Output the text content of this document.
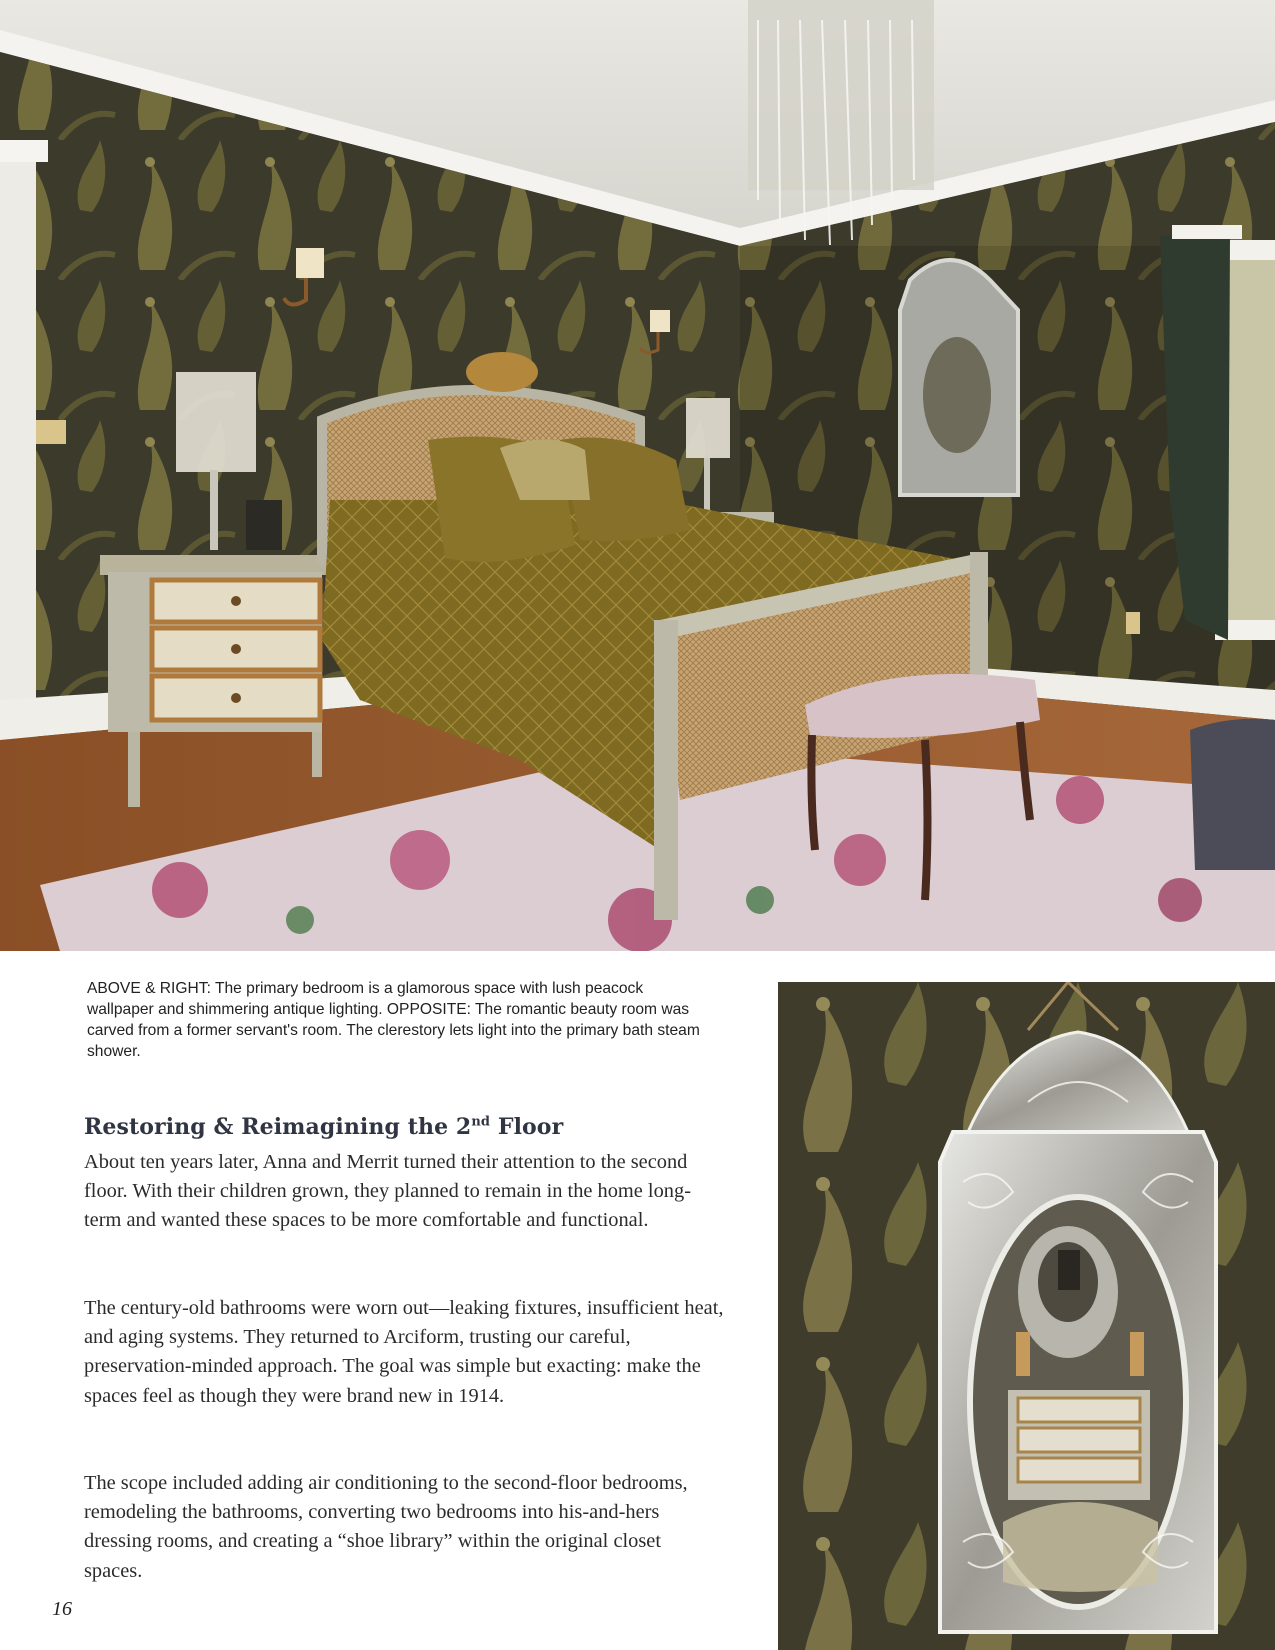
ABOVE & RIGHT: The primary bedroom is a glamorous space with lush peacock wallpaper and shimmering antique lighting. OPPOSITE: The romantic beauty room was carved from a former servant's room. The clerestory lets light into the primary bath steam shower.
Restoring & Reimagining the 2nd Floor

About ten years later, Anna and Merrit turned their attention to the second floor. With their children grown, they planned to remain in the home long-term and wanted these spaces to be more comfortable and functional.

The century-old bathrooms were worn out—leaking fixtures, insufficient heat, and aging systems. They returned to Arciform, trusting our careful, preservation-minded approach. The goal was simple but exacting: make the spaces feel as though they were brand new in 1914.

The scope included adding air conditioning to the second-floor bedrooms, remodeling the bathrooms, converting two bedrooms into his-and-hers dressing rooms, and creating a “shoe library” within the original closet spaces.

16
